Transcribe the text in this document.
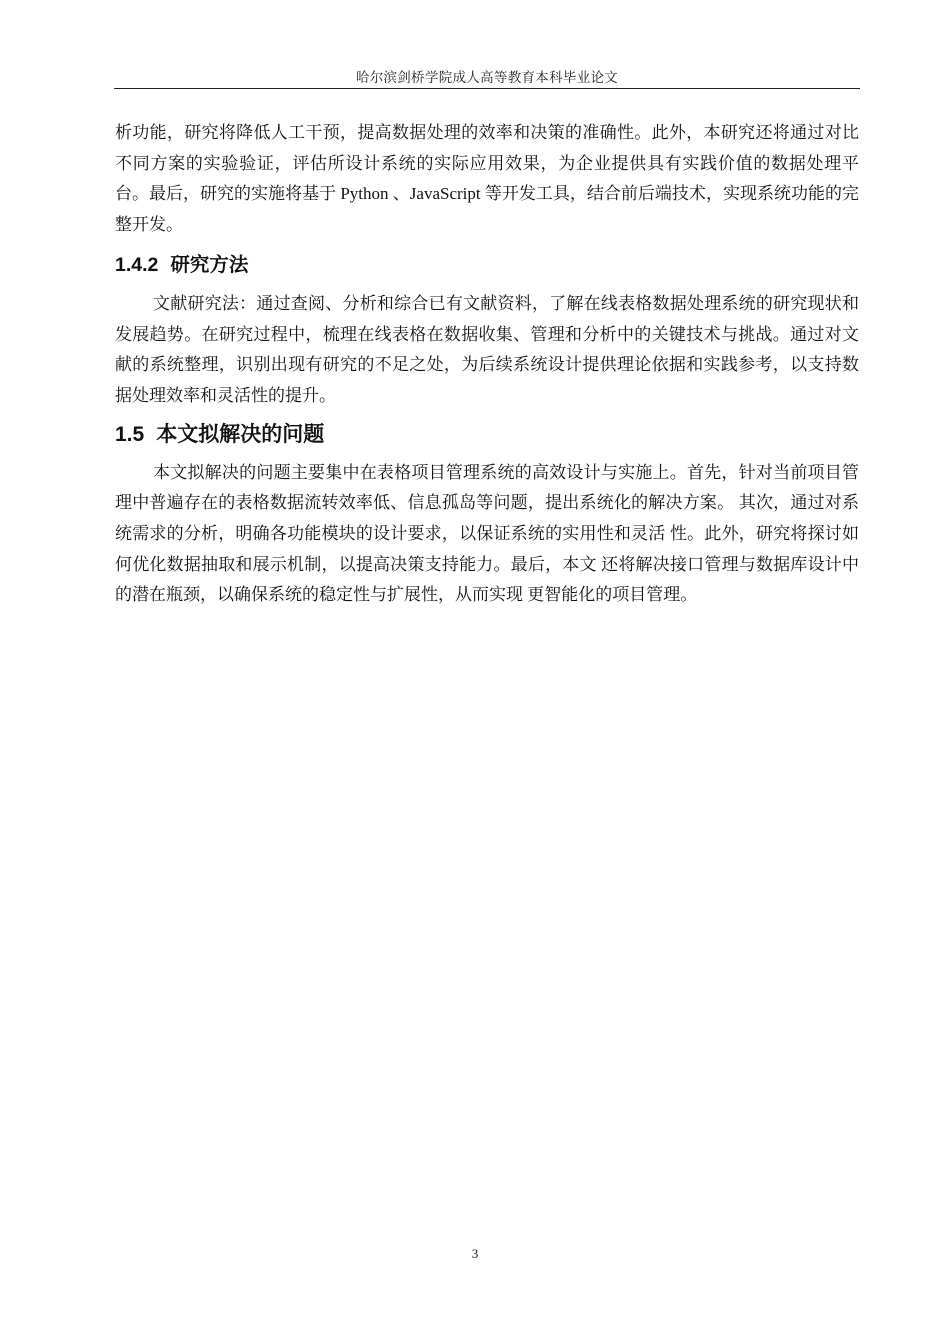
哈尔滨剑桥学院成人高等教育本科毕业论文

析功能，研究将降低人工干预，提高数据处理的效率和决策的准确性。此外，本研究还将通过对比不同方案的实验验证，评估所设计系统的实际应用效果，为企业提供具有实践价值的数据处理平台。最后，研究的实施将基于 Python 、JavaScript 等开发工具，结合前后端技术，实现系统功能的完整开发。

1.4.2 研究方法

文献研究法：通过查阅、分析和综合已有文献资料，了解在线表格数据处理系统的研究现状和发展趋势。在研究过程中，梳理在线表格在数据收集、管理和分析中的关键技术与挑战。通过对文献的系统整理，识别出现有研究的不足之处，为后续系统设计提供理论依据和实践参考，以支持数据处理效率和灵活性的提升。

1.5 本文拟解决的问题

本文拟解决的问题主要集中在表格项目管理系统的高效设计与实施上。首先，针对当前项目管理中普遍存在的表格数据流转效率低、信息孤岛等问题，提出系统化的解决方案。 其次，通过对系统需求的分析，明确各功能模块的设计要求，以保证系统的实用性和灵活 性。此外，研究将探讨如何优化数据抽取和展示机制，以提高决策支持能力。最后，本文 还将解决接口管理与数据库设计中的潜在瓶颈，以确保系统的稳定性与扩展性，从而实现 更智能化的项目管理。

3
